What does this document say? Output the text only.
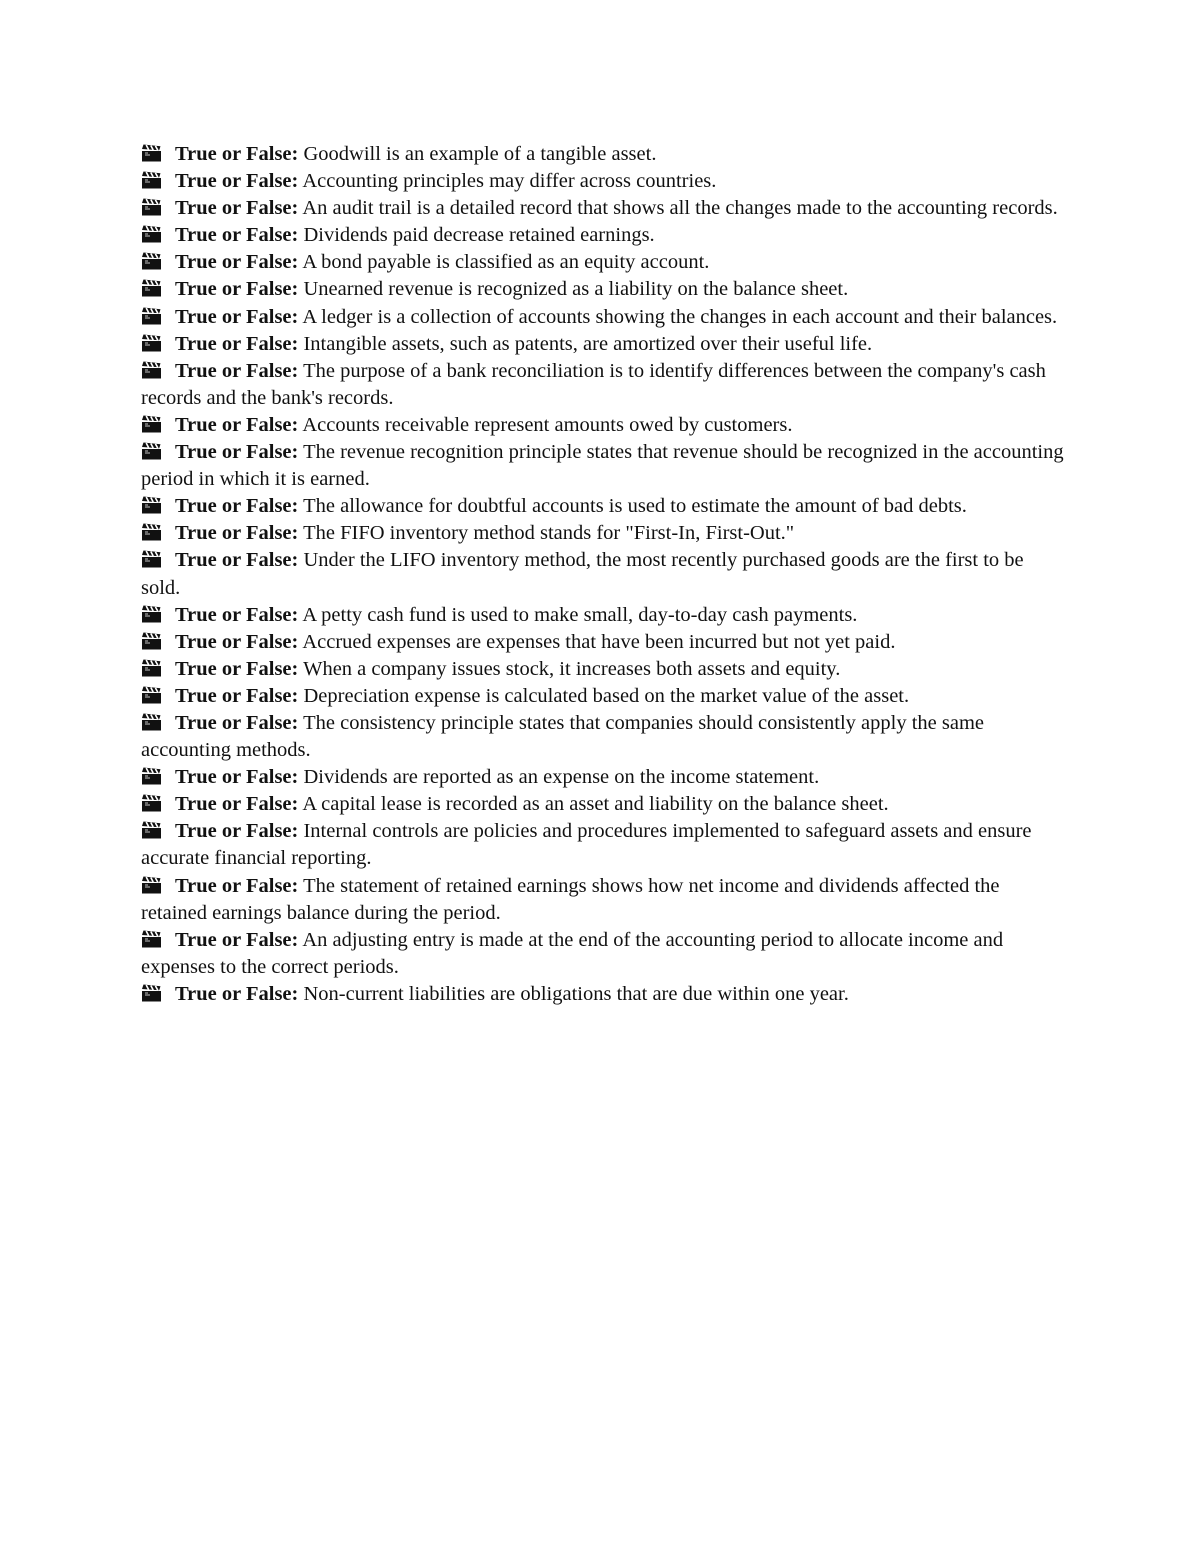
True or False: Goodwill is an example of a tangible asset.

True or False: Accounting principles may differ across countries.

True or False: An audit trail is a detailed record that shows all the changes made to the accounting records.

True or False: Dividends paid decrease retained earnings.

True or False: A bond payable is classified as an equity account.

True or False: Unearned revenue is recognized as a liability on the balance sheet.

True or False: A ledger is a collection of accounts showing the changes in each account and their balances.

True or False: Intangible assets, such as patents, are amortized over their useful life.

True or False: The purpose of a bank reconciliation is to identify differences between the company's cash records and the bank's records.

True or False: Accounts receivable represent amounts owed by customers.

True or False: The revenue recognition principle states that revenue should be recognized in the accounting period in which it is earned.

True or False: The allowance for doubtful accounts is used to estimate the amount of bad debts.

True or False: The FIFO inventory method stands for "First-In, First-Out."

True or False: Under the LIFO inventory method, the most recently purchased goods are the first to be sold.

True or False: A petty cash fund is used to make small, day-to-day cash payments.

True or False: Accrued expenses are expenses that have been incurred but not yet paid.

True or False: When a company issues stock, it increases both assets and equity.

True or False: Depreciation expense is calculated based on the market value of the asset.

True or False: The consistency principle states that companies should consistently apply the same accounting methods.

True or False: Dividends are reported as an expense on the income statement.

True or False: A capital lease is recorded as an asset and liability on the balance sheet.

True or False: Internal controls are policies and procedures implemented to safeguard assets and ensure accurate financial reporting.

True or False: The statement of retained earnings shows how net income and dividends affected the retained earnings balance during the period.

True or False: An adjusting entry is made at the end of the accounting period to allocate income and expenses to the correct periods.

True or False: Non-current liabilities are obligations that are due within one year.
